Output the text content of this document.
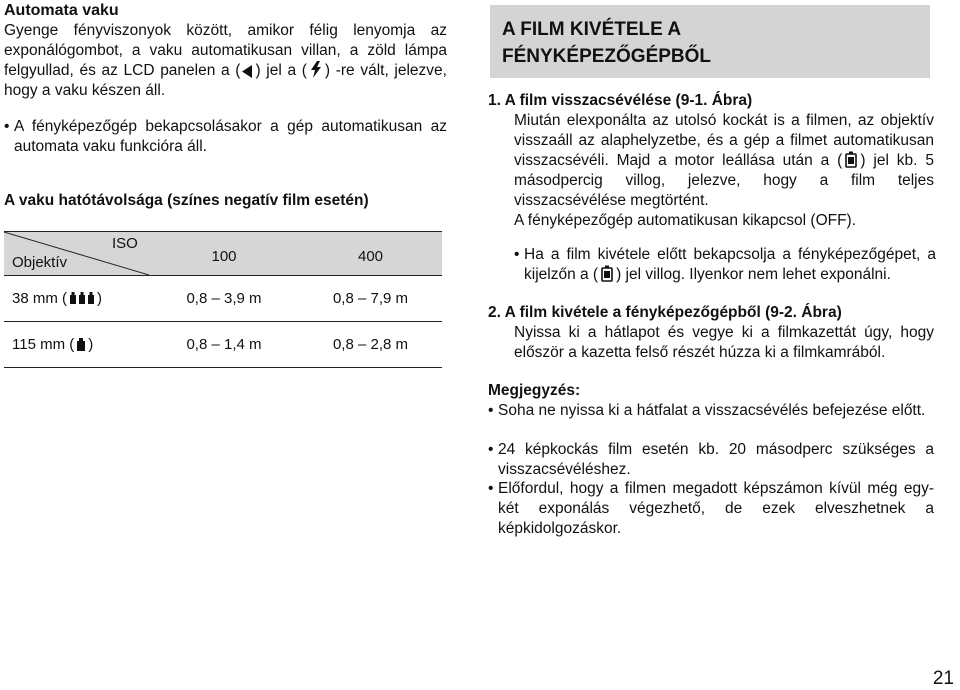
Automata vaku

Gyenge fényviszonyok között, amikor félig lenyomja az exponálógombot, a vaku automatikusan villan, a zöld lámpa felgyullad, és az LCD panelen a ( ) jel a ( ) -re vált, jelezve, hogy a vaku készen áll.

• A fényképezőgép bekapcsolásakor a gép automatikusan az automata vaku funkcióra áll.

A vaku hatótávolsága (színes negatív film esetén)

ISO
Objektív	100	400
38 mm ( )	0,8 – 3,9 m	0,8 – 7,9 m
115 mm ( )	0,8 – 1,4 m	0,8 – 2,8 m
A FILM KIVÉTELE A
FÉNYKÉPEZŐGÉPBŐL

1. A film visszacsévélése (9-1. Ábra)

Miután elexponálta az utolsó kockát is a filmen, az objektív visszaáll az alaphelyzetbe, és a gép a filmet automatikusan visszacsévéli. Majd a motor leállása után a ( ) jel kb. 5 másodpercig villog, jelezve, hogy a film teljes visszacsévélése megtörtént.
A fényképezőgép automatikusan kikapcsol (OFF).

• Ha a film kivétele előtt bekapcsolja a fényképezőgépet, a kijelzőn a ( ) jel villog. Ilyenkor nem lehet exponálni.

2. A film kivétele a fényképezőgépből (9-2. Ábra)

Nyissa ki a hátlapot és vegye ki a filmkazettát úgy, hogy először a kazetta felső részét húzza ki a filmkamrából.

Megjegyzés:

• Soha ne nyissa ki a hátfalat a visszacsévélés befejezése előtt.
• 24 képkockás film esetén kb. 20 másodperc szükséges a visszacsévéléshez.
• Előfordul, hogy a filmen megadott képszámon kívül még egy-két exponálás végezhető, de ezek elveszhetnek a képkidolgozáskor.
21
